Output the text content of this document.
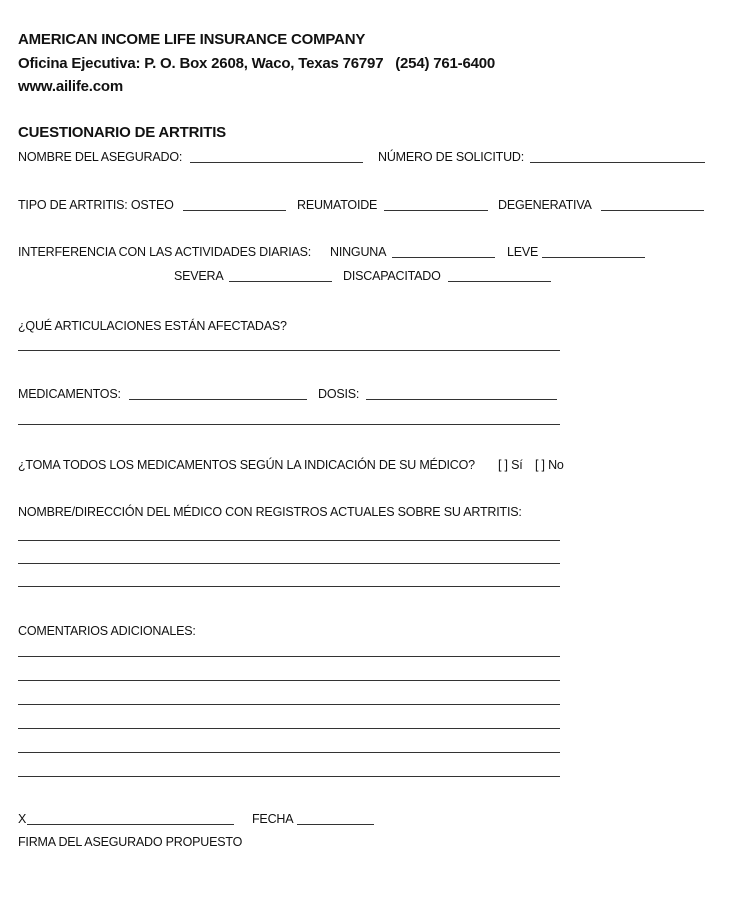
AMERICAN INCOME LIFE INSURANCE COMPANY
Oficina Ejecutiva: P. O. Box 2608, Waco, Texas 76797   (254) 761-6400
www.ailife.com
CUESTIONARIO DE ARTRITIS
NOMBRE DEL ASEGURADO:	NÚMERO DE SOLICITUD:
TIPO DE ARTRITIS: OSTEO	REUMATOIDE	DEGENERATIVA
INTERFERENCIA CON LAS ACTIVIDADES DIARIAS: NINGUNA	LEVE
SEVERA	DISCAPACITADO
¿QUÉ ARTICULACIONES ESTÁN AFECTADAS?
MEDICAMENTOS:	DOSIS:
¿TOMA TODOS LOS MEDICAMENTOS SEGÚN LA INDICACIÓN DE SU MÉDICO? [ ] Sí [ ] No
NOMBRE/DIRECCIÓN DEL MÉDICO CON REGISTROS ACTUALES SOBRE SU ARTRITIS:
COMENTARIOS ADICIONALES:
X	FECHA
FIRMA DEL ASEGURADO PROPUESTO
